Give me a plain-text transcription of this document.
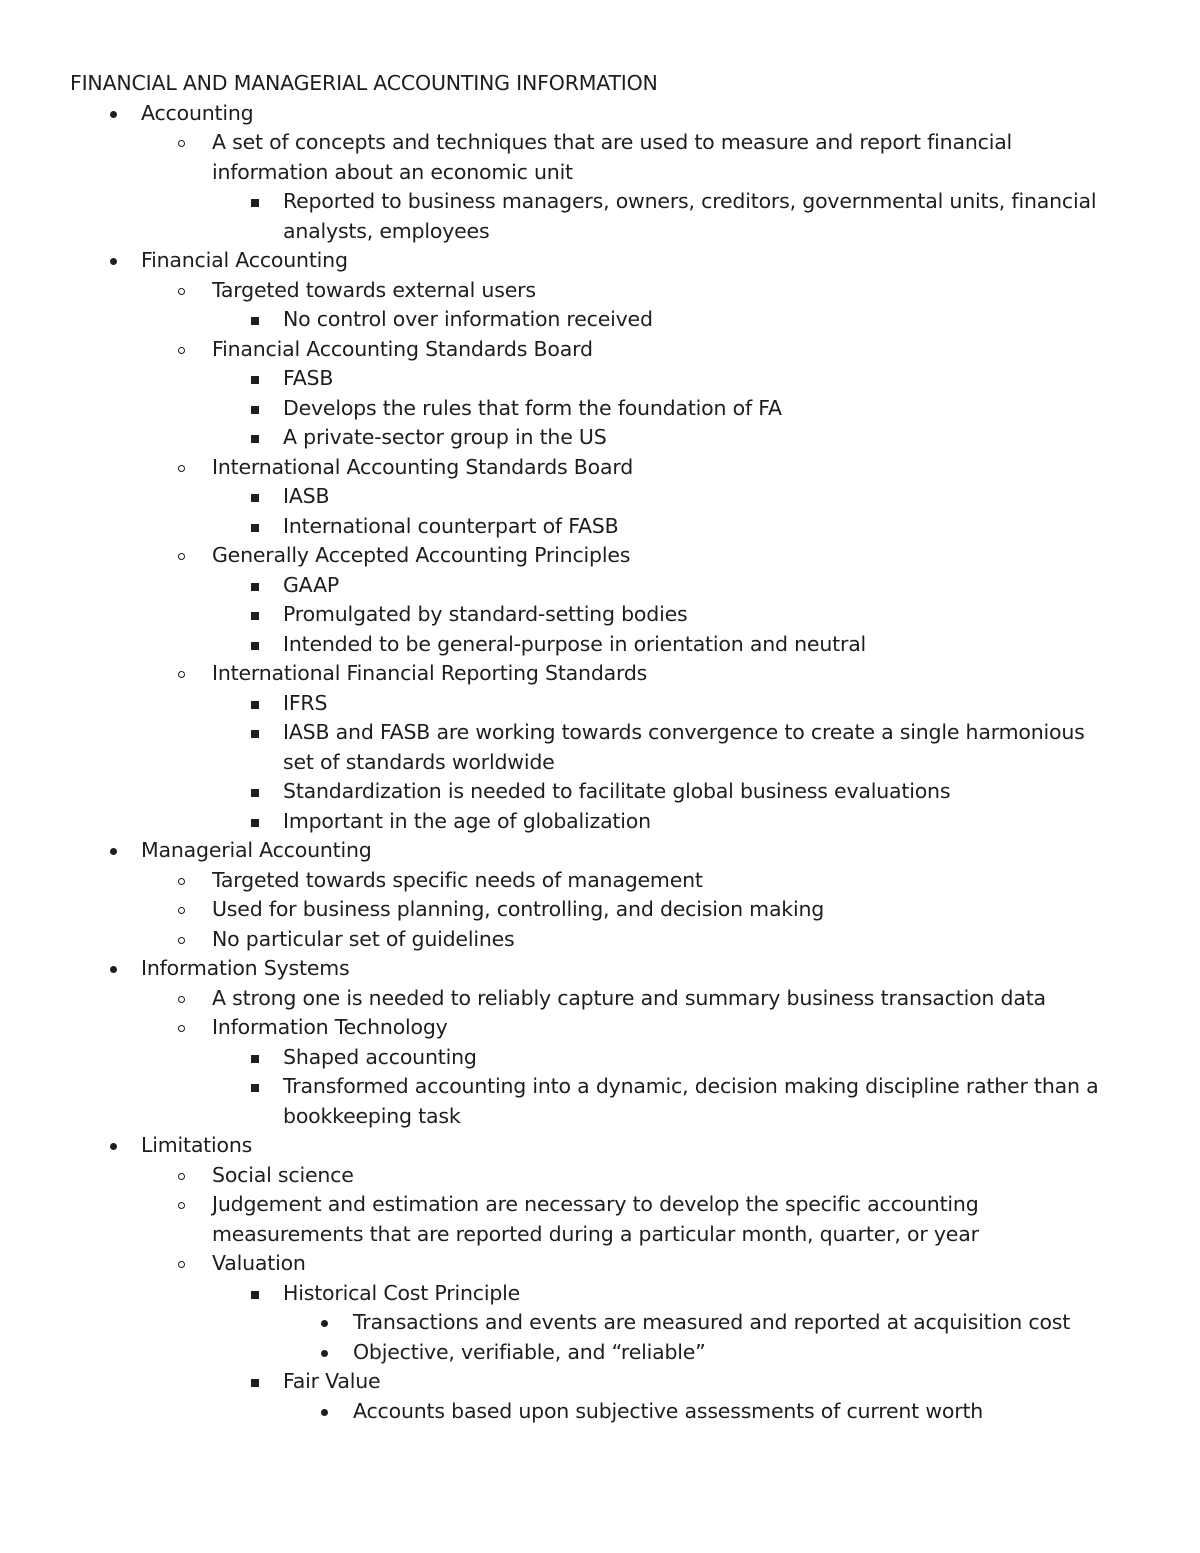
FINANCIAL AND MANAGERIAL ACCOUNTING INFORMATION
Accounting
A set of concepts and techniques that are used to measure and report financial information about an economic unit
Reported to business managers, owners, creditors, governmental units, financial analysts, employees
Financial Accounting
Targeted towards external users
No control over information received
Financial Accounting Standards Board
FASB
Develops the rules that form the foundation of FA
A private-sector group in the US
International Accounting Standards Board
IASB
International counterpart of FASB
Generally Accepted Accounting Principles
GAAP
Promulgated by standard-setting bodies
Intended to be general-purpose in orientation and neutral
International Financial Reporting Standards
IFRS
IASB and FASB are working towards convergence to create a single harmonious set of standards worldwide
Standardization is needed to facilitate global business evaluations
Important in the age of globalization
Managerial Accounting
Targeted towards specific needs of management
Used for business planning, controlling, and decision making
No particular set of guidelines
Information Systems
A strong one is needed to reliably capture and summary business transaction data
Information Technology
Shaped accounting
Transformed accounting into a dynamic, decision making discipline rather than a bookkeeping task
Limitations
Social science
Judgement and estimation are necessary to develop the specific accounting measurements that are reported during a particular month, quarter, or year
Valuation
Historical Cost Principle
Transactions and events are measured and reported at acquisition cost
Objective, verifiable, and “reliable”
Fair Value
Accounts based upon subjective assessments of current worth
